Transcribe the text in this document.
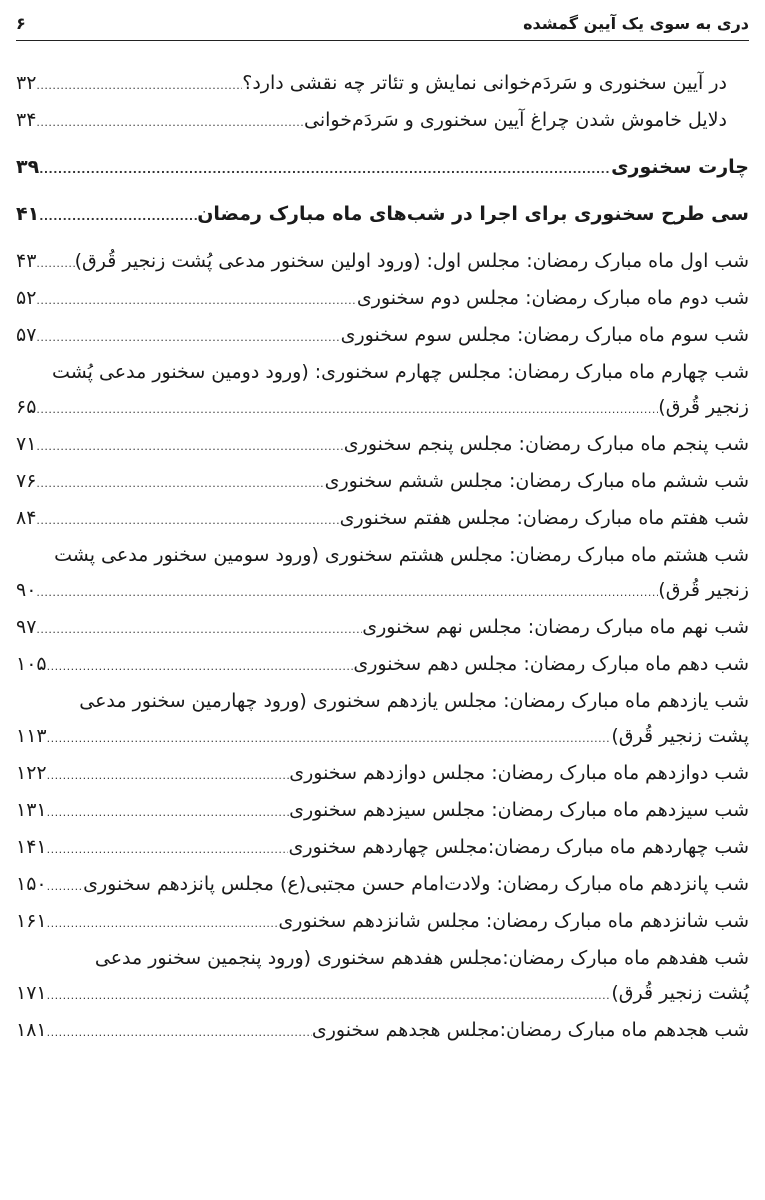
دری به سوی یک آیین گمشده
۶
در آیین سخنوری و سَردَم‌خوانی نمایش و تئاتر چه نقشی دارد؟
.....
۳۲
دلایل خاموش شدن چراغ آیین سخنوری و سَردَم‌خوانی
.....
۳۴
چارت سخنوری
.....
۳۹
سی طرح سخنوری برای اجرا در شب‌های ماه مبارک رمضان
.....
۴۱
شب اول ماه مبارک رمضان: مجلس اول: (ورود اولین سخنور مدعی پُشت زنجیر قُرق)
.....
۴۳
شب دوم ماه مبارک رمضان: مجلس دوم سخنوری
.....
۵۲
شب سوم ماه مبارک رمضان: مجلس سوم سخنوری
.....
۵۷
شب چهارم ماه مبارک رمضان: مجلس چهارم سخنوری: (ورود دومین سخنور مدعی پُشت
زنجیر قُرق)
.....
۶۵
شب پنجم ماه مبارک رمضان: مجلس پنجم سخنوری
.....
۷۱
شب ششم ماه مبارک رمضان: مجلس ششم سخنوری
.....
۷۶
شب هفتم ماه مبارک رمضان: مجلس هفتم سخنوری
.....
۸۴
شب هشتم ماه مبارک رمضان: مجلس هشتم سخنوری (ورود سومین سخنور مدعی پشت
زنجیر قُرق)
.....
۹۰
شب نهم ماه مبارک رمضان: مجلس نهم سخنوری
.....
۹۷
شب دهم ماه مبارک رمضان: مجلس دهم سخنوری
.....
۱۰۵
شب یازدهم ماه مبارک رمضان: مجلس یازدهم سخنوری (ورود چهارمین سخنور مدعی
پشت زنجیر قُرق)
.....
۱۱۳
شب دوازدهم ماه مبارک رمضان: مجلس دوازدهم سخنوری
.....
۱۲۲
شب سیزدهم ماه مبارک رمضان: مجلس سیزدهم سخنوری
.....
۱۳۱
شب چهاردهم ماه مبارک رمضان:مجلس چهاردهم سخنوری
.....
۱۴۱
شب پانزدهم ماه مبارک رمضان: ولادت‌امام حسن مجتبی(ع) مجلس پانزدهم سخنوری
.....
۱۵۰
شب شانزدهم ماه مبارک رمضان: مجلس شانزدهم سخنوری
.....
۱۶۱
شب هفدهم ماه مبارک رمضان:مجلس هفدهم سخنوری (ورود پنجمین سخنور مدعی
پُشت زنجیر قُرق)
.....
۱۷۱
شب هجدهم ماه مبارک رمضان:مجلس هجدهم سخنوری
.....
۱۸۱
